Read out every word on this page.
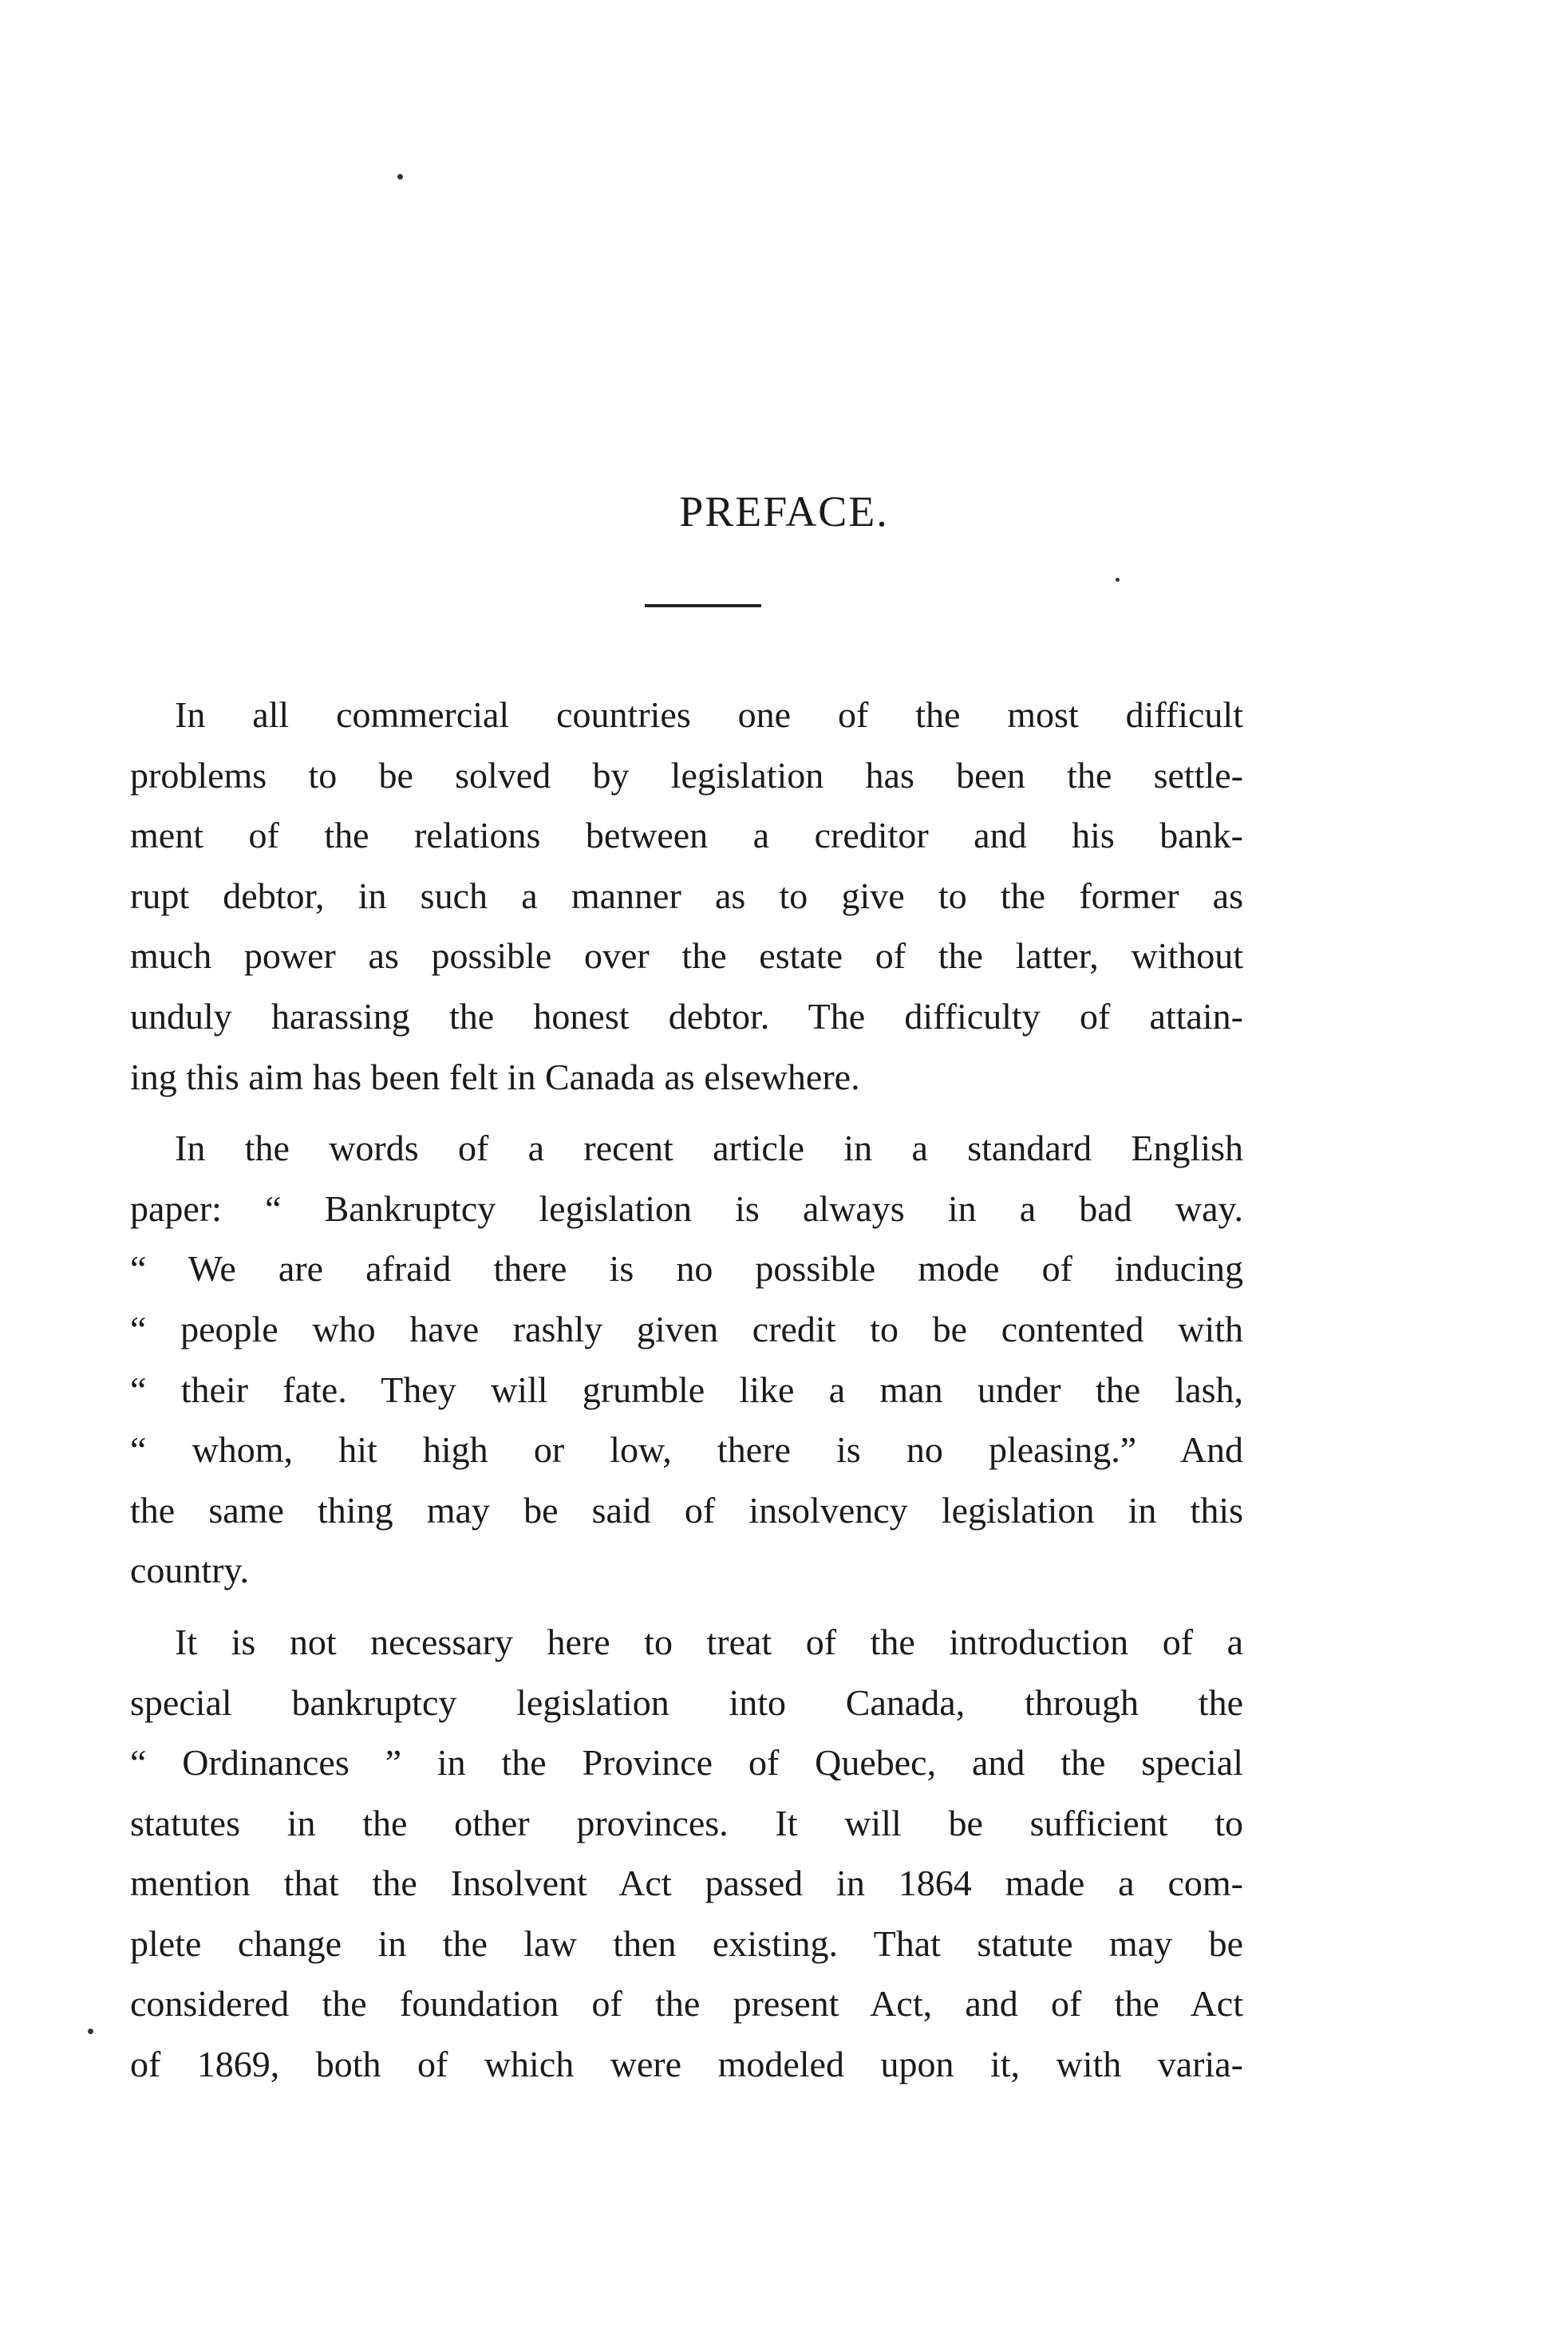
PREFACE.

In all commercial countries one of the most difficult
problems to be solved by legislation has been the settle-
ment of the relations between a creditor and his bank-
rupt debtor, in such a manner as to give to the former as
much power as possible over the estate of the latter, without
unduly harassing the honest debtor. The difficulty of attain-
ing this aim has been felt in Canada as elsewhere.

In the words of a recent article in a standard English
paper: “ Bankruptcy legislation is always in a bad way.
“ We are afraid there is no possible mode of inducing
“ people who have rashly given credit to be contented with
“ their fate. They will grumble like a man under the lash,
“ whom, hit high or low, there is no pleasing.” And
the same thing may be said of insolvency legislation in this
country.

It is not necessary here to treat of the introduction of a
special bankruptcy legislation into Canada, through the
“ Ordinances ” in the Province of Quebec, and the special
statutes in the other provinces. It will be sufficient to
mention that the Insolvent Act passed in 1864 made a com-
plete change in the law then existing. That statute may be
considered the foundation of the present Act, and of the Act
of 1869, both of which were modeled upon it, with varia-
